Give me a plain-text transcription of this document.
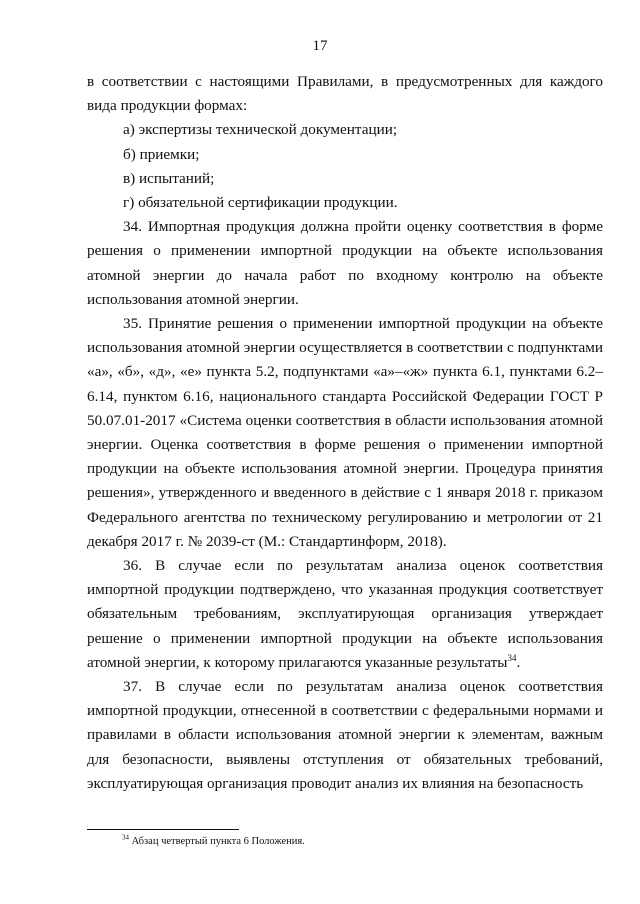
17

в соответствии с настоящими Правилами, в предусмотренных для каждого вида продукции формах:

а) экспертизы технической документации;

б) приемки;

в) испытаний;

г) обязательной сертификации продукции.

34. Импортная продукция должна пройти оценку соответствия в форме решения о применении импортной продукции на объекте использования атомной энергии до начала работ по входному контролю на объекте использования атомной энергии.

35. Принятие решения о применении импортной продукции на объекте использования атомной энергии осуществляется в соответствии с подпунктами «а», «б», «д», «е» пункта 5.2, подпунктами «а»–«ж» пункта 6.1, пунктами 6.2–6.14, пунктом 6.16, национального стандарта Российской Федерации ГОСТ Р 50.07.01-2017 «Система оценки соответствия в области использования атомной энергии. Оценка соответствия в форме решения о применении импортной продукции на объекте использования атомной энергии. Процедура принятия решения», утвержденного и введенного в действие с 1 января 2018 г. приказом Федерального агентства по техническому регулированию и метрологии от 21 декабря 2017 г. № 2039-ст (М.: Стандартинформ, 2018).

36. В случае если по результатам анализа оценок соответствия импортной продукции подтверждено, что указанная продукция соответствует обязательным требованиям, эксплуатирующая организация утверждает решение о применении импортной продукции на объекте использования атомной энергии, к которому прилагаются указанные результаты$^{34}$.

37. В случае если по результатам анализа оценок соответствия импортной продукции, отнесенной в соответствии с федеральными нормами и правилами в области использования атомной энергии к элементам, важным для безопасности, выявлены отступления от обязательных требований, эксплуатирующая организация проводит анализ их влияния на безопасность

$^{34}$ Абзац четвертый пункта 6 Положения.
